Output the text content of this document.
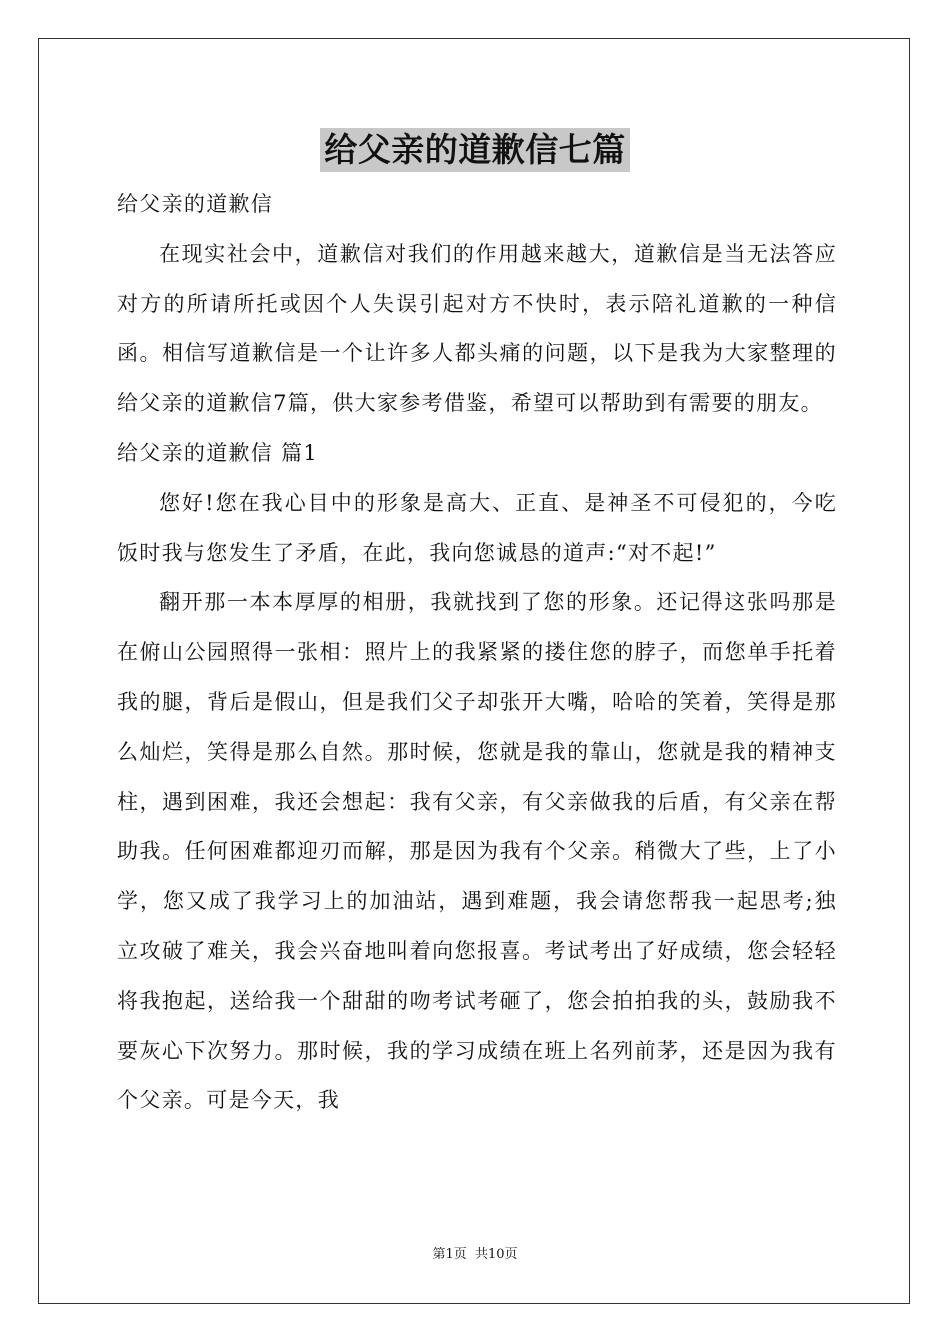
给父亲的道歉信七篇

给父亲的道歉信

在现实社会中，道歉信对我们的作用越来越大，道歉信是当无法答应对方的所请所托或因个人失误引起对方不快时，表示陪礼道歉的一种信函。相信写道歉信是一个让许多人都头痛的问题，以下是我为大家整理的给父亲的道歉信7篇，供大家参考借鉴，希望可以帮助到有需要的朋友。

给父亲的道歉信 篇1

您好!您在我心目中的形象是高大、正直、是神圣不可侵犯的，今吃饭时我与您发生了矛盾，在此，我向您诚恳的道声:“对不起!”

翻开那一本本厚厚的相册，我就找到了您的形象。还记得这张吗那是在俯山公园照得一张相：照片上的我紧紧的搂住您的脖子，而您单手托着我的腿，背后是假山，但是我们父子却张开大嘴，哈哈的笑着，笑得是那么灿烂，笑得是那么自然。那时候，您就是我的靠山，您就是我的精神支柱，遇到困难，我还会想起：我有父亲，有父亲做我的后盾，有父亲在帮助我。任何困难都迎刃而解，那是因为我有个父亲。稍微大了些，上了小学，您又成了我学习上的加油站，遇到难题，我会请您帮我一起思考;独立攻破了难关，我会兴奋地叫着向您报喜。考试考出了好成绩，您会轻轻将我抱起，送给我一个甜甜的吻考试考砸了，您会拍拍我的头，鼓励我不要灰心下次努力。那时候，我的学习成绩在班上名列前茅，还是因为我有个父亲。可是今天，我

第1页 共10页
